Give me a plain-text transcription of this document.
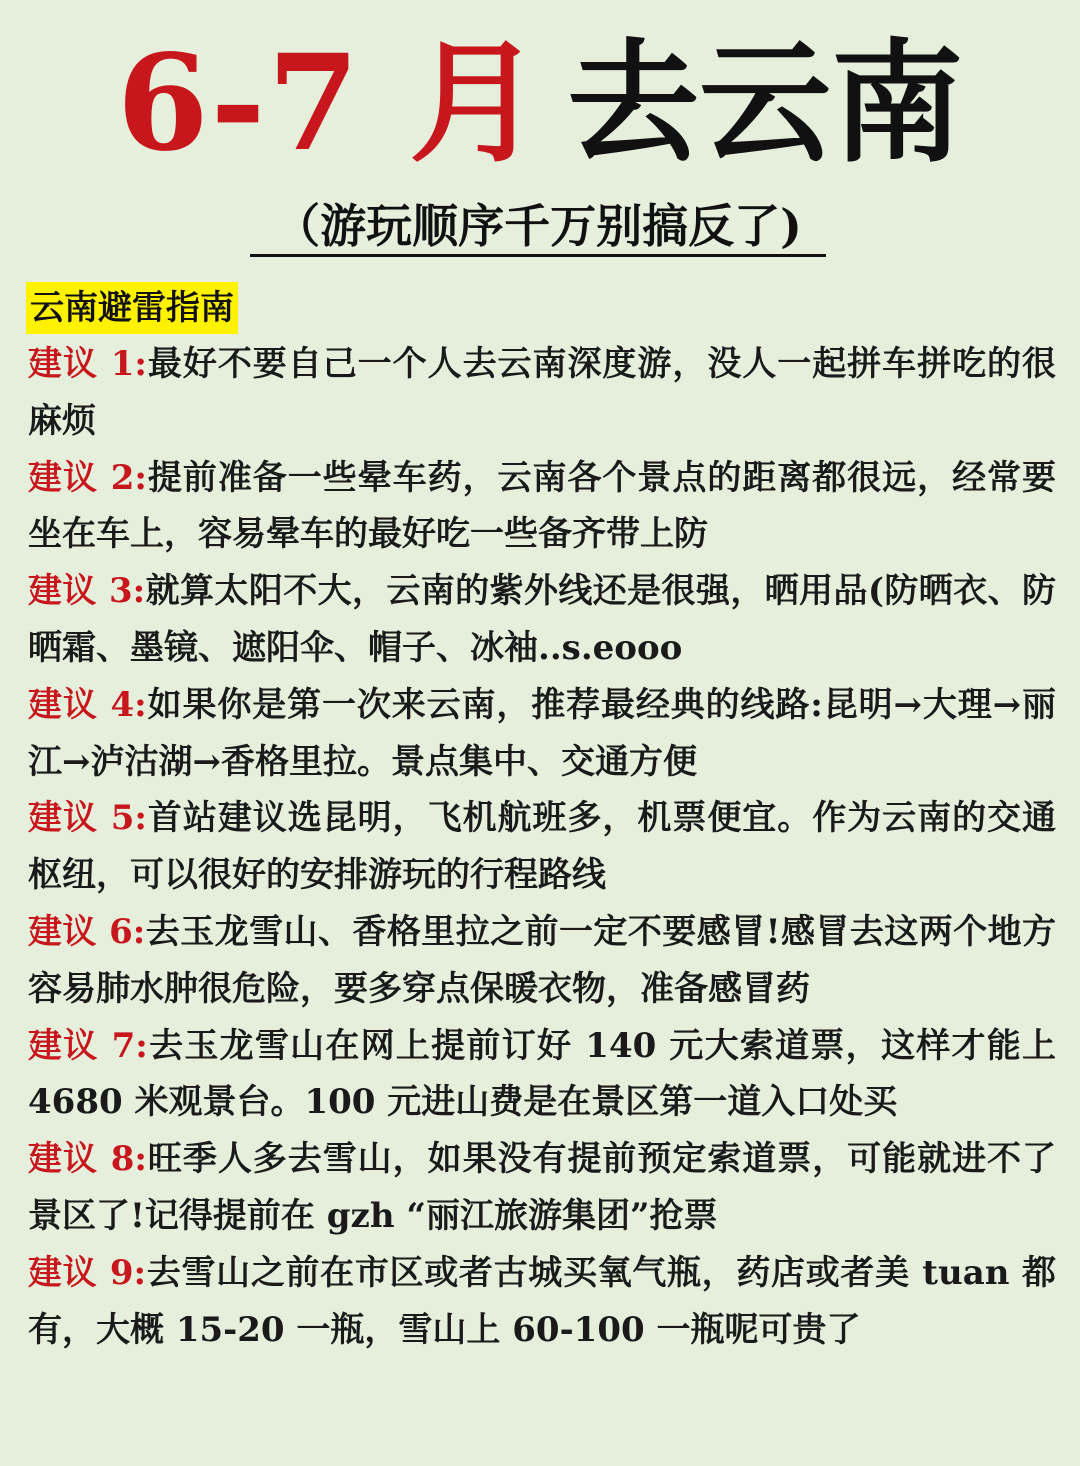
6-7 月 去云南
（游玩顺序千万别搞反了)
云南避雷指南

建议 1:最好不要自己一个人去云南深度游，没人一起拼车拼吃的很麻烦

建议 2:提前准备一些晕车药，云南各个景点的距离都很远，经常要坐在车上，容易晕车的最好吃一些备齐带上防

建议 3:就算太阳不大，云南的紫外线还是很强，晒用品(防晒衣、防晒霜、墨镜、遮阳伞、帽子、冰袖..s.eooo

建议 4:如果你是第一次来云南，推荐最经典的线路:昆明→大理→丽江→泸沽湖→香格里拉。景点集中、交通方便

建议 5:首站建议选昆明，飞机航班多，机票便宜。作为云南的交通枢纽，可以很好的安排游玩的行程路线

建议 6:去玉龙雪山、香格里拉之前一定不要感冒!感冒去这两个地方容易肺水肿很危险，要多穿点保暖衣物，准备感冒药

建议 7:去玉龙雪山在网上提前订好 140 元大索道票，这样才能上 4680 米观景台。100 元进山费是在景区第一道入口处买

建议 8:旺季人多去雪山，如果没有提前预定索道票，可能就进不了景区了!记得提前在 gzh “丽江旅游集团”抢票

建议 9:去雪山之前在市区或者古城买氧气瓶，药店或者美 tuan 都有，大概 15-20 一瓶，雪山上 60-100 一瓶呢可贵了
